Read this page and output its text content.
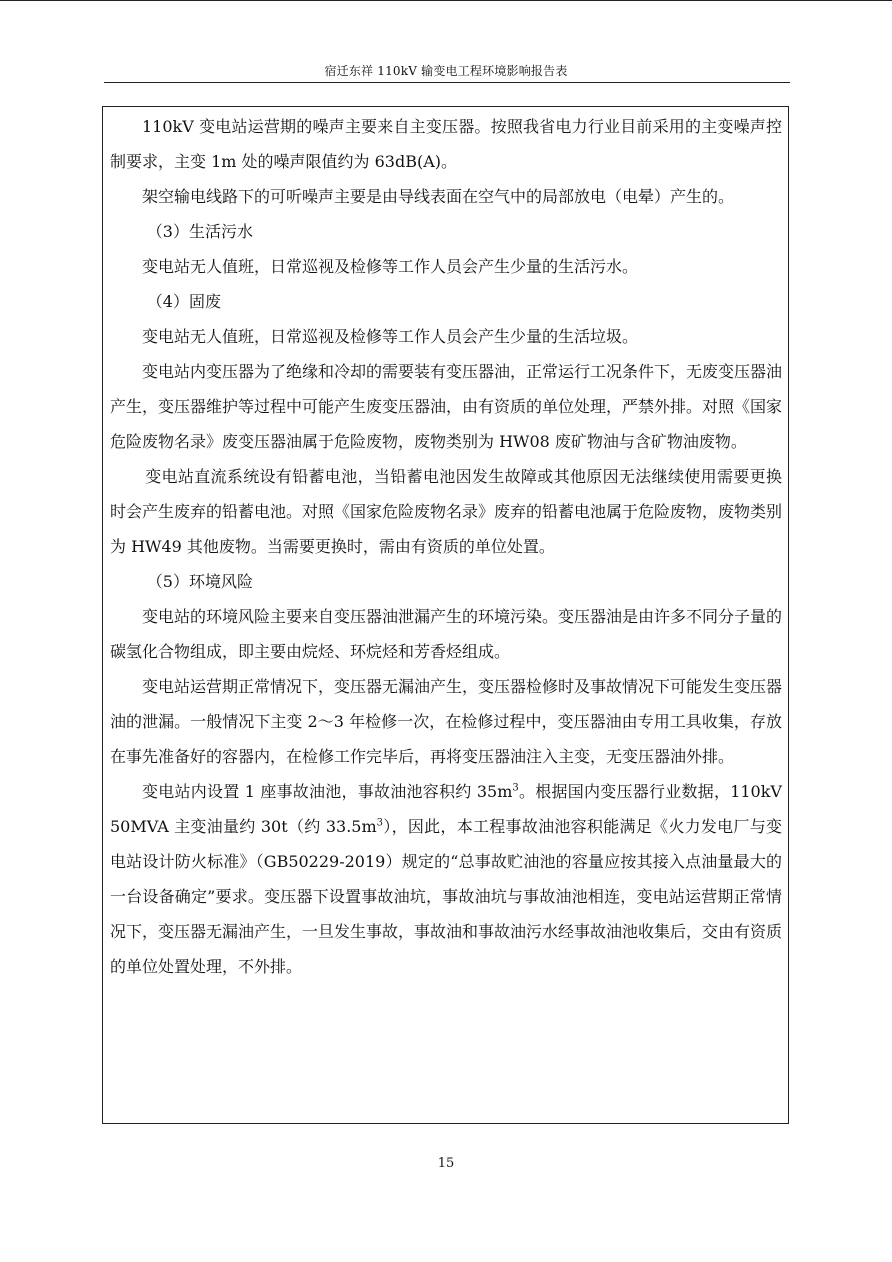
宿迁东祥 110kV 输变电工程环境影响报告表

110kV 变电站运营期的噪声主要来自主变压器。按照我省电力行业目前采用的主变噪声控制要求，主变 1m 处的噪声限值约为 63dB(A)。

架空输电线路下的可听噪声主要是由导线表面在空气中的局部放电（电晕）产生的。

（3）生活污水

变电站无人值班，日常巡视及检修等工作人员会产生少量的生活污水。

（4）固废

变电站无人值班，日常巡视及检修等工作人员会产生少量的生活垃圾。

变电站内变压器为了绝缘和冷却的需要装有变压器油，正常运行工况条件下，无废变压器油产生，变压器维护等过程中可能产生废变压器油，由有资质的单位处理，严禁外排。对照《国家危险废物名录》废变压器油属于危险废物，废物类别为 HW08 废矿物油与含矿物油废物。

变电站直流系统设有铅蓄电池，当铅蓄电池因发生故障或其他原因无法继续使用需要更换时会产生废弃的铅蓄电池。对照《国家危险废物名录》废弃的铅蓄电池属于危险废物，废物类别为 HW49 其他废物。当需要更换时，需由有资质的单位处置。

（5）环境风险

变电站的环境风险主要来自变压器油泄漏产生的环境污染。变压器油是由许多不同分子量的碳氢化合物组成，即主要由烷烃、环烷烃和芳香烃组成。

变电站运营期正常情况下，变压器无漏油产生，变压器检修时及事故情况下可能发生变压器油的泄漏。一般情况下主变 2～3 年检修一次，在检修过程中，变压器油由专用工具收集，存放在事先准备好的容器内，在检修工作完毕后，再将变压器油注入主变，无变压器油外排。

变电站内设置 1 座事故油池，事故油池容积约 $35m^3$。根据国内变压器行业数据，110kV 50MVA 主变油量约 30t（约 $33.5m^3$），因此，本工程事故油池容积能满足《火力发电厂与变电站设计防火标准》（GB50229-2019）规定的“总事故贮油池的容量应按其接入点油量最大的一台设备确定”要求。变压器下设置事故油坑，事故油坑与事故油池相连，变电站运营期正常情况下，变压器无漏油产生，一旦发生事故，事故油和事故油污水经事故油池收集后，交由有资质的单位处置处理，不外排。

15
